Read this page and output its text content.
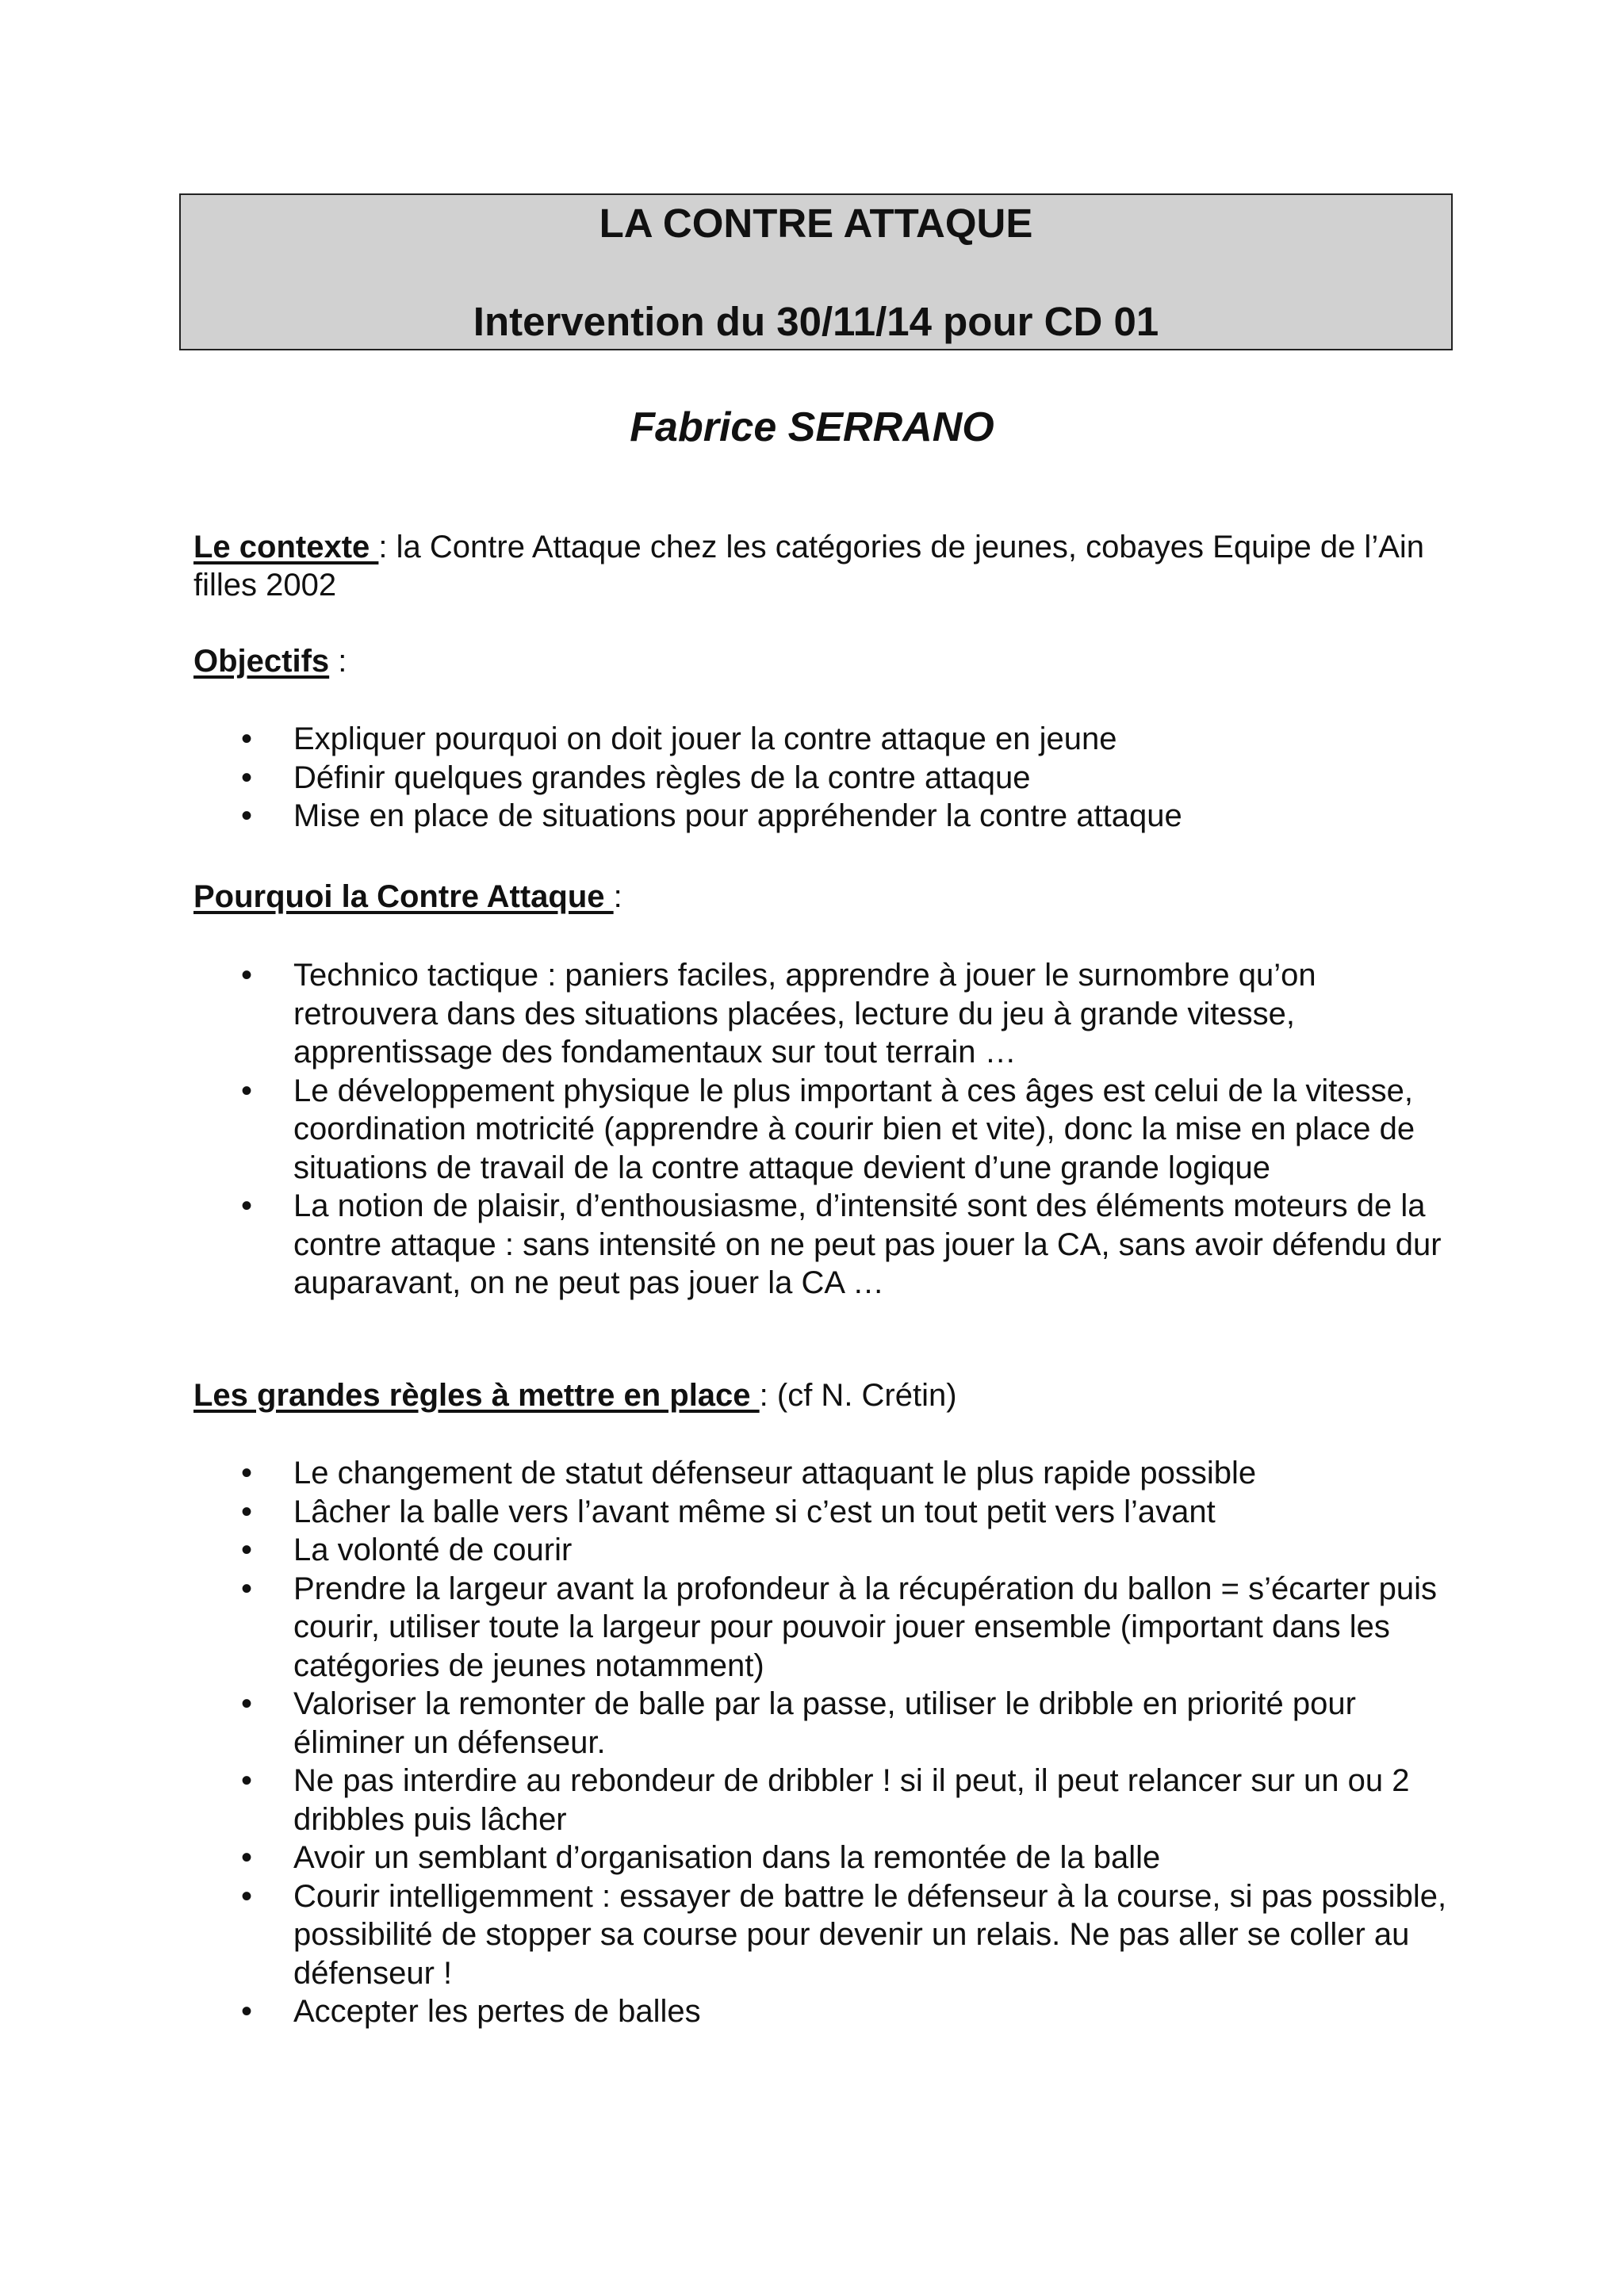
LA CONTRE ATTAQUE
Intervention du 30/11/14 pour CD 01
Fabrice SERRANO
Le contexte : la Contre Attaque chez les catégories de jeunes, cobayes Equipe de l’Ain filles 2002
Objectifs :
• Expliquer pourquoi on doit jouer la contre attaque en jeune
• Définir quelques grandes règles de la contre attaque
• Mise en place de situations pour appréhender la contre attaque
Pourquoi la Contre Attaque :
• Technico tactique : paniers faciles, apprendre à jouer le surnombre qu’on retrouvera dans des situations placées, lecture du jeu à grande vitesse, apprentissage des fondamentaux sur tout terrain …
• Le développement physique le plus important à ces âges est celui de la vitesse, coordination motricité (apprendre à courir bien et vite), donc la mise en place de situations de travail de la contre attaque devient d’une grande logique
• La notion de plaisir, d’enthousiasme, d’intensité sont des éléments moteurs de la contre attaque : sans intensité on ne peut pas jouer la CA, sans avoir défendu dur auparavant, on ne peut pas jouer la CA …
Les grandes règles à mettre en place : (cf N. Crétin)
• Le changement de statut défenseur attaquant le plus rapide possible
• Lâcher la balle vers l’avant même si c’est un tout petit vers l’avant
• La volonté de courir
• Prendre la largeur avant la profondeur à la récupération du ballon = s’écarter puis courir, utiliser toute la largeur pour pouvoir jouer ensemble (important dans les catégories de jeunes notamment)
• Valoriser la remonter de balle par la passe, utiliser le dribble en priorité pour éliminer un défenseur.
• Ne pas interdire au rebondeur de dribbler ! si il peut, il peut relancer sur un ou 2 dribbles puis lâcher
• Avoir un semblant d’organisation dans la remontée de la balle
• Courir intelligemment : essayer de battre le défenseur à la course, si pas possible, possibilité de stopper sa course pour devenir un relais. Ne pas aller se coller au défenseur !
• Accepter les pertes de balles
